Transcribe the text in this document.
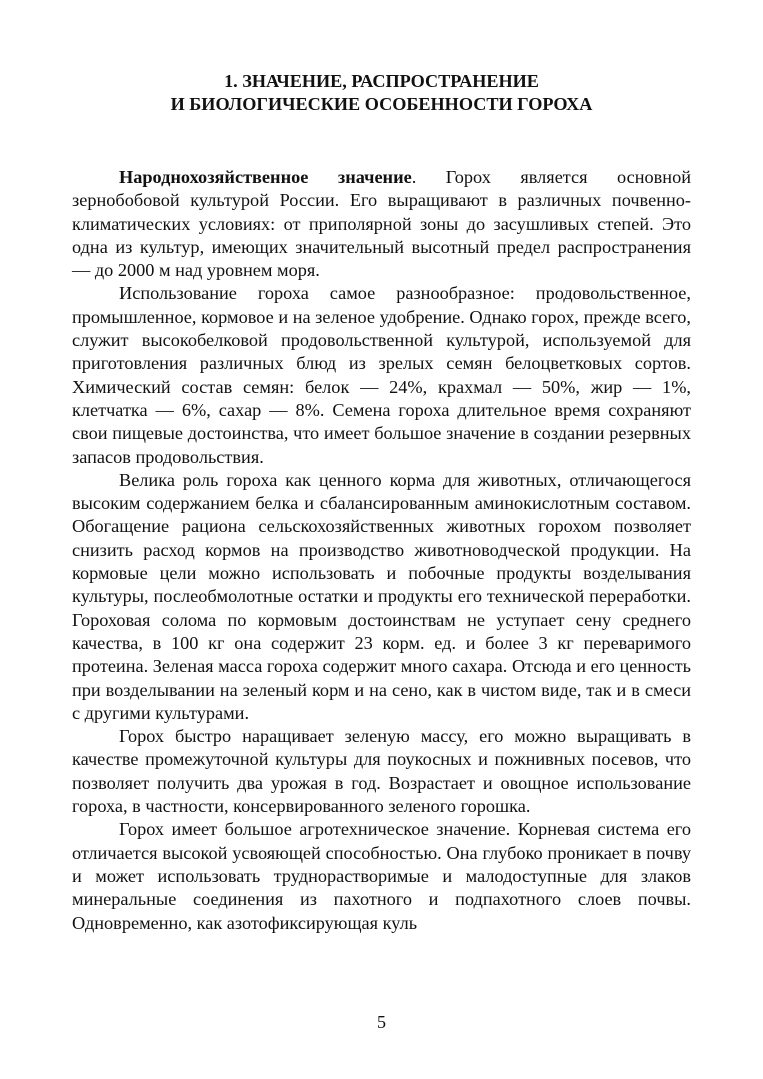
1. ЗНАЧЕНИЕ, РАСПРОСТРАНЕНИЕ
И БИОЛОГИЧЕСКИЕ ОСОБЕННОСТИ ГОРОХА

Народнохозяйственное значение. Горох является основной зернобобовой культурой России. Его выращивают в различных почвенно-климатических условиях: от приполярной зоны до засушливых степей. Это одна из культур, имеющих значительный высотный предел распространения — до 2000 м над уровнем моря.

Использование гороха самое разнообразное: продовольственное, промышленное, кормовое и на зеленое удобрение. Однако горох, прежде всего, служит высокобелковой продовольственной культурой, используемой для приготовления различных блюд из зрелых семян белоцветковых сортов. Химический состав семян: белок — 24%, крахмал — 50%, жир — 1%, клетчатка — 6%, сахар — 8%. Семена гороха длительное время сохраняют свои пищевые достоинства, что имеет большое значение в создании резервных запасов продовольствия.

Велика роль гороха как ценного корма для животных, отличающегося высоким содержанием белка и сбалансированным аминокислотным составом. Обогащение рациона сельскохозяйственных животных горохом позволяет снизить расход кормов на производство животноводческой продукции. На кормовые цели можно использовать и побочные продукты возделывания культуры, послеобмолотные остатки и продукты его технической переработки. Гороховая солома по кормовым достоинствам не уступает сену среднего качества, в 100 кг она содержит 23 корм. ед. и более 3 кг переваримого протеина. Зеленая масса гороха содержит много сахара. Отсюда и его ценность при возделывании на зеленый корм и на сено, как в чистом виде, так и в смеси с другими культурами.

Горох быстро наращивает зеленую массу, его можно выращивать в качестве промежуточной культуры для поукосных и пожнивных посевов, что позволяет получить два урожая в год. Возрастает и овощное использование гороха, в частности, консервированного зеленого горошка.

Горох имеет большое агротехническое значение. Корневая система его отличается высокой усвояющей способностью. Она глубоко проникает в почву и может использовать труднорастворимые и малодоступные для злаков минеральные соединения из пахотного и подпахотного слоев почвы. Одновременно, как азотофиксирующая куль

5
